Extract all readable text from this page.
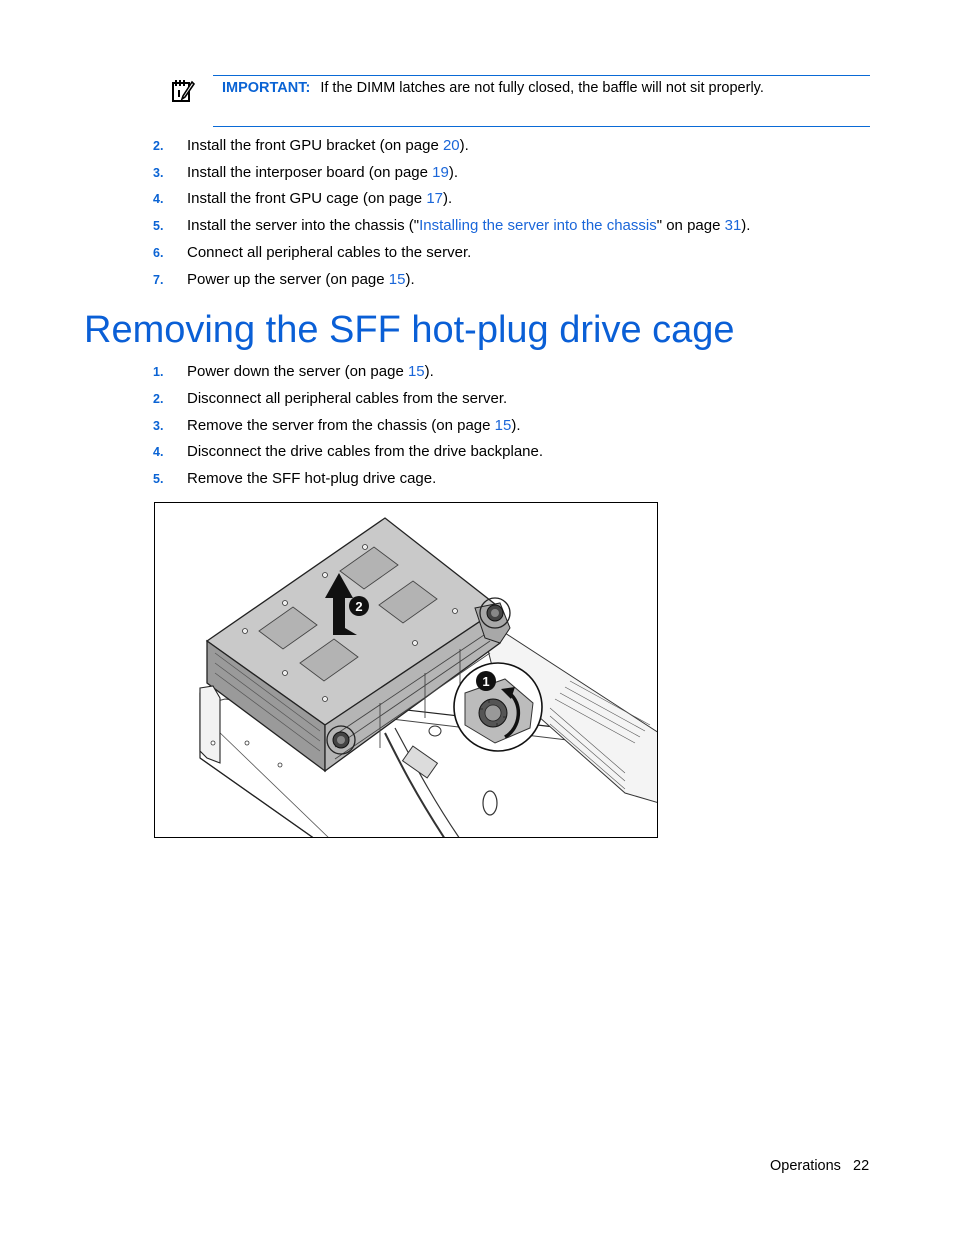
IMPORTANT: If the DIMM latches are not fully closed, the baffle will not sit properly.
2. Install the front GPU bracket (on page 20).
3. Install the interposer board (on page 19).
4. Install the front GPU cage (on page 17).
5. Install the server into the chassis ("Installing the server into the chassis" on page 31).
6. Connect all peripheral cables to the server.
7. Power up the server (on page 15).
Removing the SFF hot-plug drive cage
1. Power down the server (on page 15).
2. Disconnect all peripheral cables from the server.
3. Remove the server from the chassis (on page 15).
4. Disconnect the drive cables from the drive backplane.
5. Remove the SFF hot-plug drive cage.
2
1
Operations 22
